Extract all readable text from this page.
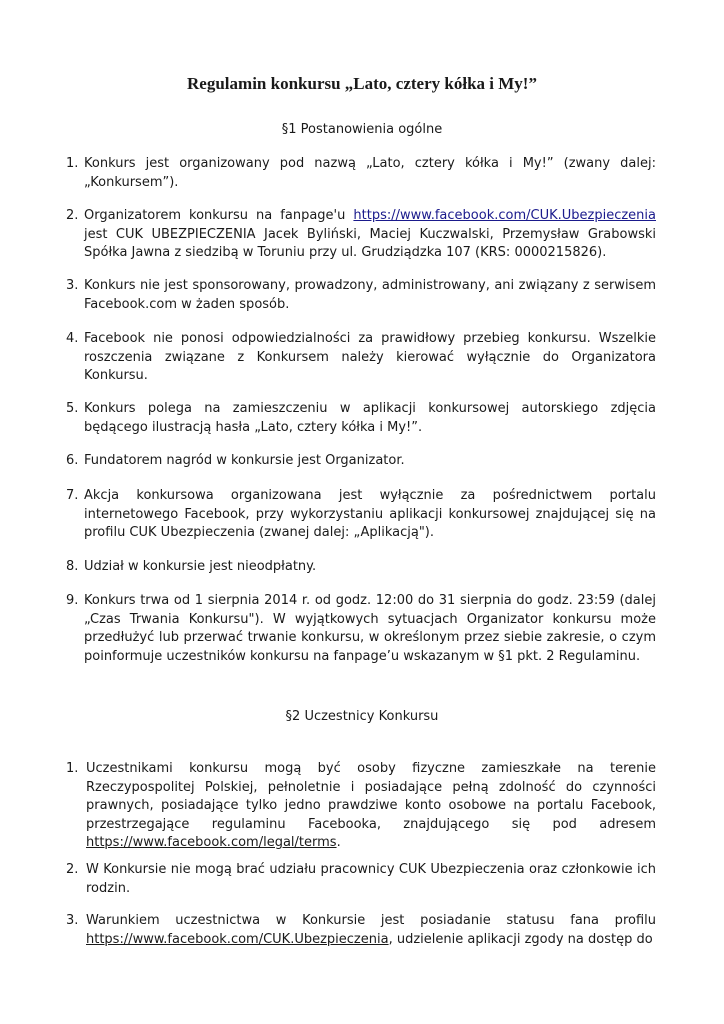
Regulamin konkursu „Lato, cztery kółka i My!”
§1 Postanowienia ogólne
1. Konkurs jest organizowany pod nazwą „Lato, cztery kółka i My!” (zwany dalej: „Konkursem”).
2. Organizatorem konkursu na fanpage'u https://www.facebook.com/CUK.Ubezpieczenia jest CUK UBEZPIECZENIA Jacek Byliński, Maciej Kuczwalski, Przemysław Grabowski Spółka Jawna z siedzibą w Toruniu przy ul. Grudziądzka 107 (KRS: 0000215826).
3. Konkurs nie jest sponsorowany, prowadzony, administrowany, ani związany z serwisem Facebook.com w żaden sposób.
4. Facebook nie ponosi odpowiedzialności za prawidłowy przebieg konkursu. Wszelkie roszczenia związane z Konkursem należy kierować wyłącznie do Organizatora Konkursu.
5. Konkurs polega na zamieszczeniu w aplikacji konkursowej autorskiego zdjęcia będącego ilustracją hasła „Lato, cztery kółka i My!”.
6. Fundatorem nagród w konkursie jest Organizator.
7. Akcja konkursowa organizowana jest wyłącznie za pośrednictwem portalu internetowego Facebook, przy wykorzystaniu aplikacji konkursowej znajdującej się na profilu CUK Ubezpieczenia (zwanej dalej: „Aplikacją").
8. Udział w konkursie jest nieodpłatny.
9. Konkurs trwa od 1 sierpnia 2014 r. od godz. 12:00 do 31 sierpnia do godz. 23:59 (dalej „Czas Trwania Konkursu"). W wyjątkowych sytuacjach Organizator konkursu może przedłużyć lub przerwać trwanie konkursu, w określonym przez siebie zakresie, o czym poinformuje uczestników konkursu na fanpage’u wskazanym w §1 pkt. 2 Regulaminu.
§2 Uczestnicy Konkursu
1. Uczestnikami konkursu mogą być osoby fizyczne zamieszkałe na terenie Rzeczypospolitej Polskiej, pełnoletnie i posiadające pełną zdolność do czynności prawnych, posiadające tylko jedno prawdziwe konto osobowe na portalu Facebook, przestrzegające regulaminu Facebooka, znajdującego się pod adresem https://www.facebook.com/legal/terms.
2. W Konkursie nie mogą brać udziału pracownicy CUK Ubezpieczenia oraz członkowie ich rodzin.
3. Warunkiem uczestnictwa w Konkursie jest posiadanie statusu fana profilu https://www.facebook.com/CUK.Ubezpieczenia, udzielenie aplikacji zgody na dostęp do
